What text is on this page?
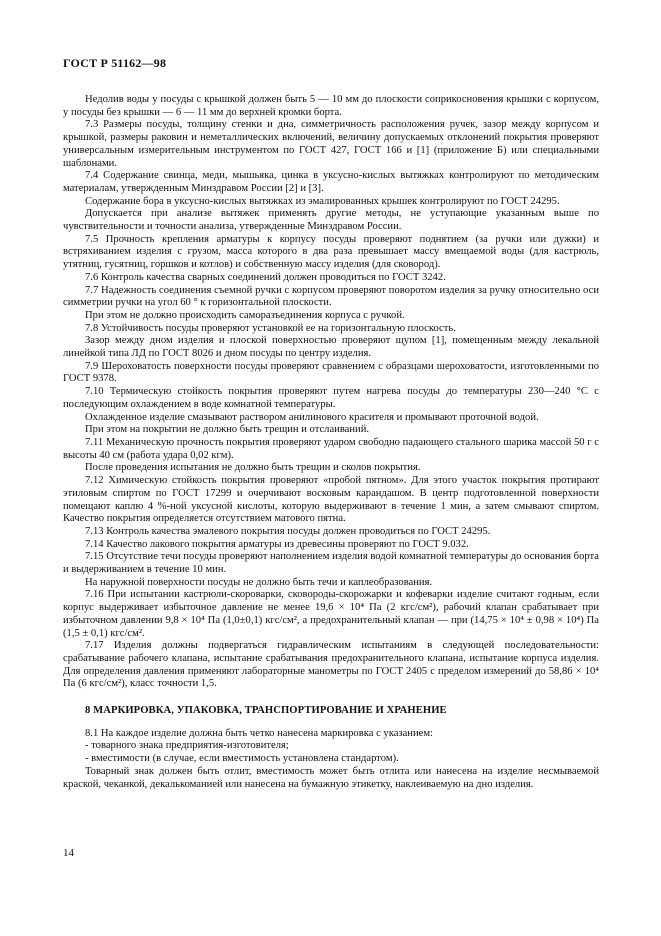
ГОСТ Р 51162—98

Недолив воды у посуды с крышкой должен быть 5 — 10 мм до плоскости соприкосновения крышки с корпусом, у посуды без крышки — 6 — 11 мм до верхней кромки борта.

7.3 Размеры посуды, толщину стенки и дна, симметричность расположения ручек, зазор между корпусом и крышкой, размеры раковин и неметаллических включений, величину допускаемых отклонений покрытия проверяют универсальным измерительным инструментом по ГОСТ 427, ГОСТ 166 и [1] (приложение Б) или специальными шаблонами.

7.4 Содержание свинца, меди, мышьяка, цинка в уксусно-кислых вытяжках контролируют по методическим материалам, утвержденным Минздравом России [2] и [3].

Содержание бора в уксусно-кислых вытяжках из эмалированных крышек контролируют по ГОСТ 24295.

Допускается при анализе вытяжек применять другие методы, не уступающие указанным выше по чувствительности и точности анализа, утвержденные Минздравом России.

7.5 Прочность крепления арматуры к корпусу посуды проверяют поднятием (за ручки или дужки) и встряхиванием изделия с грузом, масса которого в два раза превышает массу вмещаемой воды (для кастрюль, утятниц, гусятниц, горшков и котлов) и собственную массу изделия (для сковород).

7.6 Контроль качества сварных соединений должен проводиться по ГОСТ 3242.

7.7 Надежность соединения съемной ручки с корпусом проверяют поворотом изделия за ручку относительно оси симметрии ручки на угол 60 ° к горизонтальной плоскости.

При этом не должно происходить саморазъединения корпуса с ручкой.

7.8 Устойчивость посуды проверяют установкой ее на горизонтальную плоскость.

Зазор между дном изделия и плоской поверхностью проверяют щупом [1], помещенным между лекальной линейкой типа ЛД по ГОСТ 8026 и дном посуды по центру изделия.

7.9 Шероховатость поверхности посуды проверяют сравнением с образцами шероховатости, изготовленными по ГОСТ 9378.

7.10 Термическую стойкость покрытия проверяют путем нагрева посуды до температуры 230—240 °С с последующим охлаждением в воде комнатной температуры.

Охлажденное изделие смазывают раствором анилинового красителя и промывают проточной водой.

При этом на покрытии не должно быть трещин и отслаиваний.

7.11 Механическую прочность покрытия проверяют ударом свободно падающего стального шарика массой 50 г с высоты 40 см (работа удара 0,02 кгм).

После проведения испытания не должно быть трещин и сколов покрытия.

7.12 Химическую стойкость покрытия проверяют «пробой пятном». Для этого участок покрытия протирают этиловым спиртом по ГОСТ 17299 и очерчивают восковым карандашом. В центр подготовленной поверхности помещают каплю 4 %-ной уксусной кислоты, которую выдерживают в течение 1 мин, а затем смывают спиртом. Качество покрытия определяется отсутствием матового пятна.

7.13 Контроль качества эмалевого покрытия посуды должен проводиться по ГОСТ 24295.

7.14 Качество лакового покрытия арматуры из древесины проверяют по ГОСТ 9.032.

7.15 Отсутствие течи посуды проверяют наполнением изделия водой комнатной температуры до основания борта и выдерживанием в течение 10 мин.

На наружной поверхности посуды не должно быть течи и каплеобразования.

7.16 При испытании кастрюли-скороварки, сковороды-скорожарки и кофеварки изделие считают годным, если корпус выдерживает избыточное давление не менее 19,6 × 10⁴ Па (2 кгс/см²), рабочий клапан срабатывает при избыточном давлении 9,8 × 10⁴ Па (1,0±0,1) кгс/см², а предохранительный клапан — при (14,75 × 10⁴ ± 0,98 × 10⁴) Па (1,5 ± 0,1) кгс/см².

7.17 Изделия должны подвергаться гидравлическим испытаниям в следующей последовательности: срабатывание рабочего клапана, испытание срабатывания предохранительного клапана, испытание корпуса изделия. Для определения давления применяют лабораторные манометры по ГОСТ 2405 с пределом измерений до 58,86 × 10⁴ Па (6 кгс/см²), класс точности 1,5.

8 МАРКИРОВКА, УПАКОВКА, ТРАНСПОРТИРОВАНИЕ И ХРАНЕНИЕ

8.1 На каждое изделие должна быть четко нанесена маркировка с указанием:

- товарного знака предприятия-изготовителя;

- вместимости (в случае, если вместимость установлена стандартом).

Товарный знак должен быть отлит, вместимость может быть отлита или нанесена на изделие несмываемой краской, чеканкой, декалькоманией или нанесена на бумажную этикетку, наклеиваемую на дно изделия.

14
